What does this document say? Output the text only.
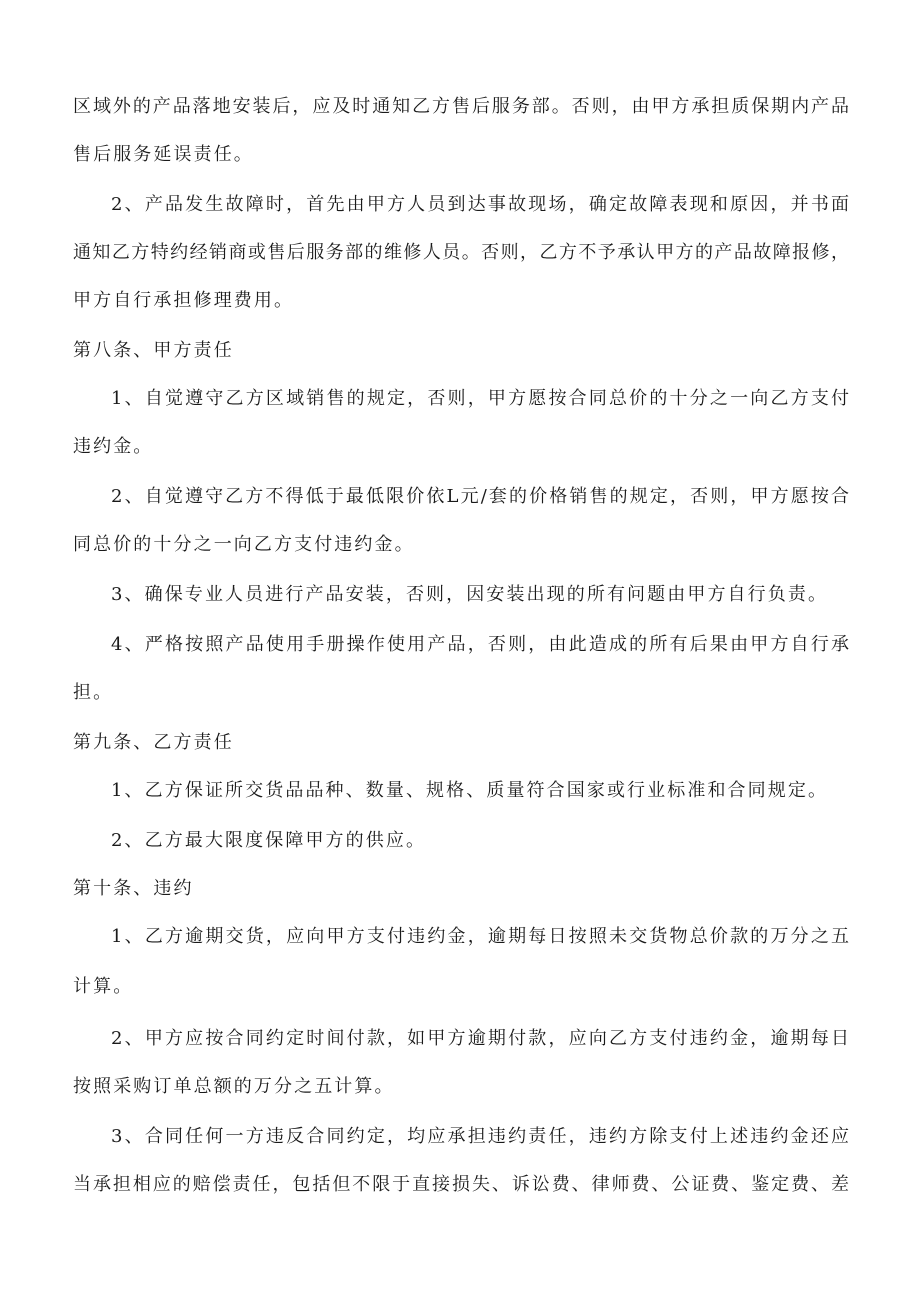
区域外的产品落地安装后，应及时通知乙方售后服务部。否则，由甲方承担质保期内产品
售后服务延误责任。
2、产品发生故障时，首先由甲方人员到达事故现场，确定故障表现和原因，并书面
通知乙方特约经销商或售后服务部的维修人员。否则，乙方不予承认甲方的产品故障报修，
甲方自行承担修理费用。
第八条、甲方责任
1、自觉遵守乙方区域销售的规定，否则，甲方愿按合同总价的十分之一向乙方支付
违约金。
2、自觉遵守乙方不得低于最低限价依L元/套的价格销售的规定，否则，甲方愿按合
同总价的十分之一向乙方支付违约金。
3、确保专业人员进行产品安装，否则，因安装出现的所有问题由甲方自行负责。
4、严格按照产品使用手册操作使用产品，否则，由此造成的所有后果由甲方自行承
担。
第九条、乙方责任
1、乙方保证所交货品品种、数量、规格、质量符合国家或行业标准和合同规定。
2、乙方最大限度保障甲方的供应。
第十条、违约
1、乙方逾期交货，应向甲方支付违约金，逾期每日按照未交货物总价款的万分之五
计算。
2、甲方应按合同约定时间付款，如甲方逾期付款，应向乙方支付违约金，逾期每日
按照采购订单总额的万分之五计算。
3、合同任何一方违反合同约定，均应承担违约责任，违约方除支付上述违约金还应
当承担相应的赔偿责任，包括但不限于直接损失、诉讼费、律师费、公证费、鉴定费、差
